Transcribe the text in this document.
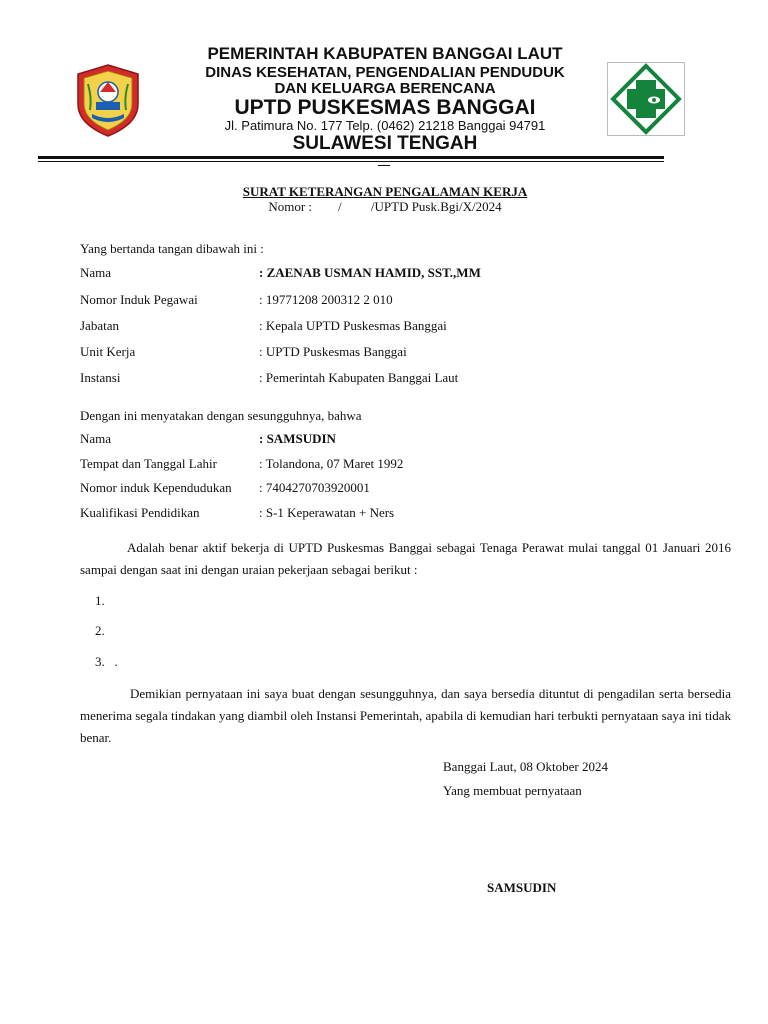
PEMERINTAH KABUPATEN BANGGAI LAUT
DINAS KESEHATAN, PENGENDALIAN PENDUDUK
DAN KELUARGA BERENCANA
UPTD PUSKESMAS BANGGAI
Jl. Patimura No. 177 Telp. (0462) 21218 Banggai 94791
SULAWESI TENGAH
SURAT KETERANGAN PENGALAMAN KERJA
Nomor :        /         /UPTD Pusk.Bgi/X/2024
Yang bertanda tangan dibawah ini :
Nama	: ZAENAB USMAN HAMID, SST.,MM
Nomor Induk Pegawai	: 19771208 200312 2 010
Jabatan	: Kepala UPTD Puskesmas Banggai
Unit Kerja	: UPTD Puskesmas Banggai
Instansi	: Pemerintah Kabupaten Banggai Laut
Dengan ini menyatakan dengan sesungguhnya, bahwa
Nama	: SAMSUDIN
Tempat dan Tanggal Lahir	: Tolandona, 07 Maret 1992
Nomor induk Kependudukan : 7404270703920001
Kualifikasi Pendidikan	: S-1 Keperawatan + Ners
Adalah benar aktif bekerja di UPTD Puskesmas Banggai sebagai Tenaga Perawat mulai tanggal 01 Januari 2016 sampai dengan saat ini dengan uraian pekerjaan sebagai berikut :
1.
2.
3.   .
Demikian pernyataan ini saya buat dengan sesungguhnya, dan saya bersedia dituntut di pengadilan serta bersedia menerima segala tindakan yang diambil oleh Instansi Pemerintah, apabila di kemudian hari terbukti pernyataan saya ini tidak benar.
Banggai Laut, 08 Oktober 2024
Yang membuat pernyataan
SAMSUDIN
